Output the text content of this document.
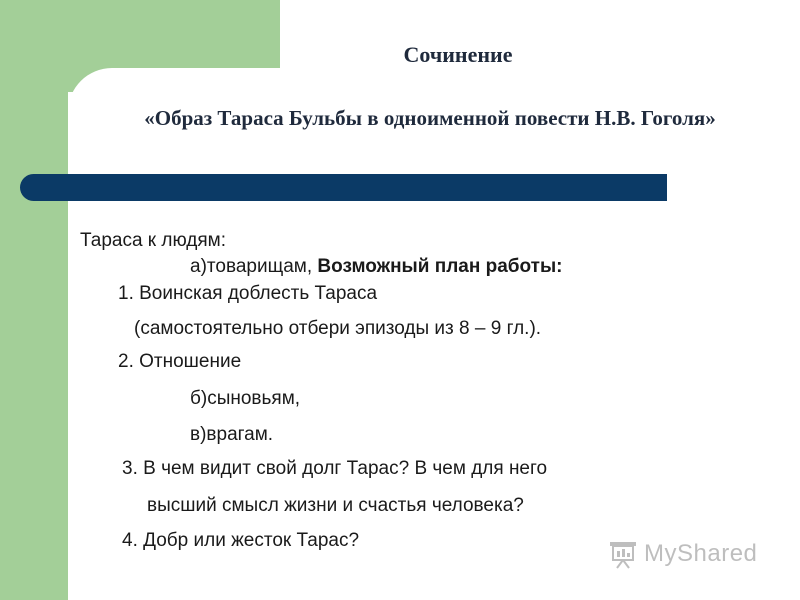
Сочинение
«Образ Тараса Бульбы в одноименной повести Н.В. Гоголя»
Тараса к людям:
а)товарищам, Возможный план работы:
1. Воинская доблесть Тараса
(самостоятельно отбери эпизоды из 8 – 9 гл.).
2. Отношение
б)сыновьям,
в)врагам.
3. В чем видит свой долг Тарас? В чем для него
высший смысл жизни и счастья человека?
4. Добр или жесток Тарас?	MyShared
